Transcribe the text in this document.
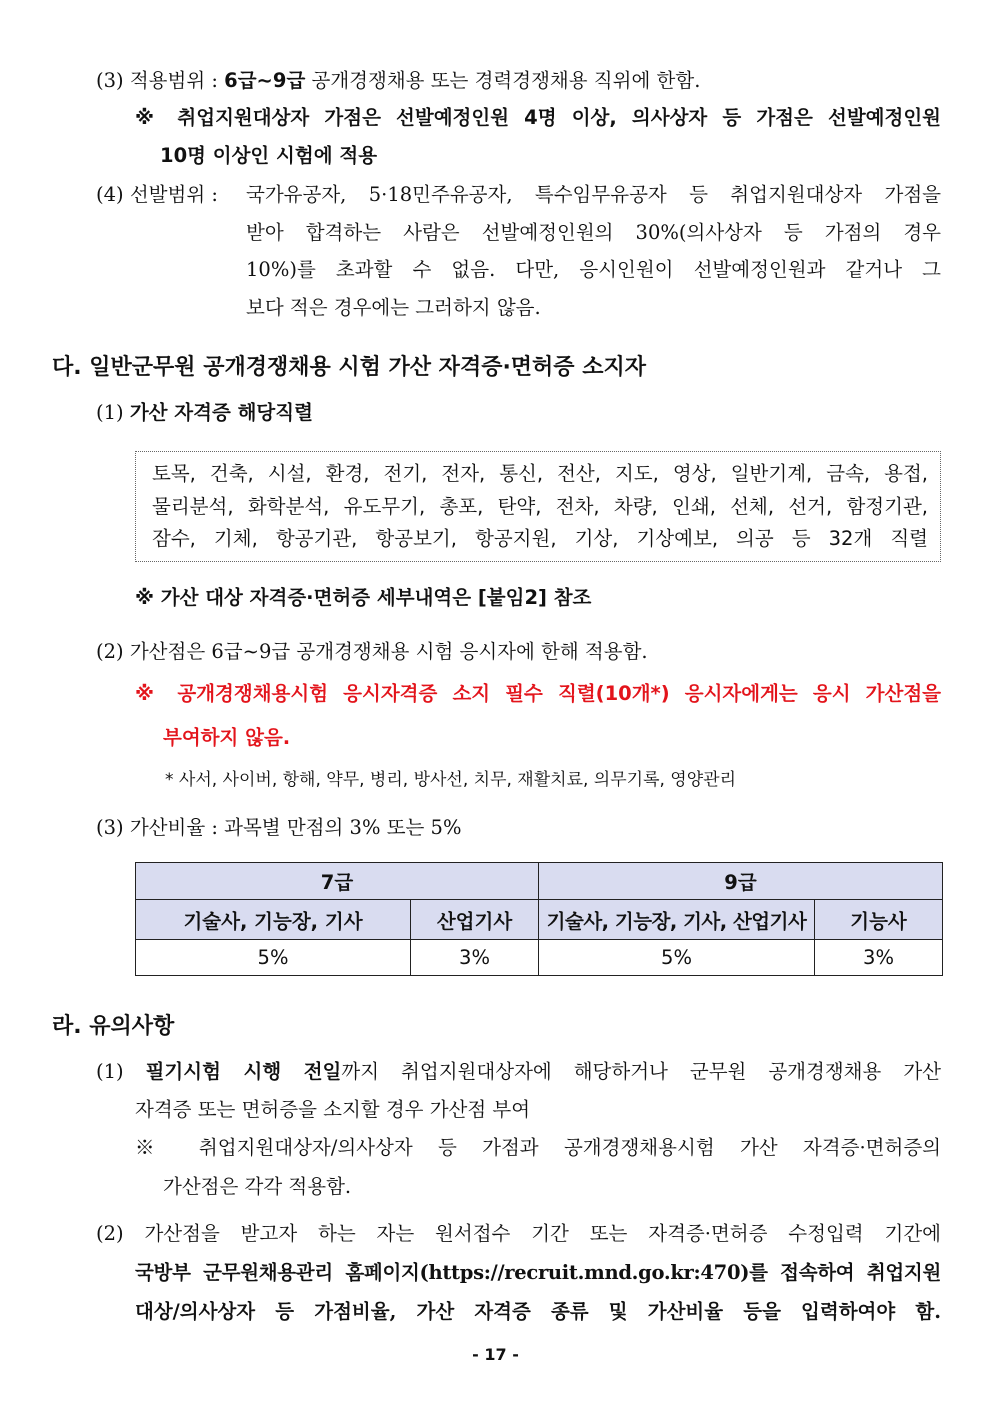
(3) 적용범위 : 6급∼9급 공개경쟁채용 또는 경력경쟁채용 직위에 한함.
※ 취업지원대상자 가점은 선발예정인원 4명 이상, 의사상자 등 가점은 선발예정인원
10명 이상인 시험에 적용
(4) 선발범위 : 국가유공자, 5·18민주유공자, 특수임무유공자 등 취업지원대상자 가점을
받아 합격하는 사람은 선발예정인원의 30%(의사상자 등 가점의 경우
10%)를 초과할 수 없음. 다만, 응시인원이 선발예정인원과 같거나 그
보다 적은 경우에는 그러하지 않음.
다. 일반군무원 공개경쟁채용 시험 가산 자격증·면허증 소지자
(1) 가산 자격증 해당직렬
토목, 건축, 시설, 환경, 전기, 전자, 통신, 전산, 지도, 영상, 일반기계, 금속, 용접,
물리분석, 화학분석, 유도무기, 총포, 탄약, 전차, 차량, 인쇄, 선체, 선거, 함정기관,
잠수, 기체, 항공기관, 항공보기, 항공지원, 기상, 기상예보, 의공 등 32개 직렬
※ 가산 대상 자격증·면허증 세부내역은 [붙임2] 참조
(2) 가산점은 6급∼9급 공개경쟁채용 시험 응시자에 한해 적용함.
※ 공개경쟁채용시험 응시자격증 소지 필수 직렬(10개*) 응시자에게는 응시 가산점을
부여하지 않음.
* 사서, 사이버, 항해, 약무, 병리, 방사선, 치무, 재활치료, 의무기록, 영양관리
(3) 가산비율 : 과목별 만점의 3% 또는 5%
7급		9급	
기술사, 기능장, 기사	산업기사	기술사, 기능장, 기사, 산업기사	기능사
5%	3%	5%	3%
라. 유의사항
(1) 필기시험 시행 전일까지 취업지원대상자에 해당하거나 군무원 공개경쟁채용 가산
자격증 또는 면허증을 소지할 경우 가산점 부여
※ 취업지원대상자/의사상자 등 가점과 공개경쟁채용시험 가산 자격증·면허증의
가산점은 각각 적용함.
(2) 가산점을 받고자 하는 자는 원서접수 기간 또는 자격증·면허증 수정입력 기간에
국방부 군무원채용관리 홈페이지(https://recruit.mnd.go.kr:470)를 접속하여 취업지원
대상/의사상자 등 가점비율, 가산 자격증 종류 및 가산비율 등을 입력하여야 함.
- 17 -
